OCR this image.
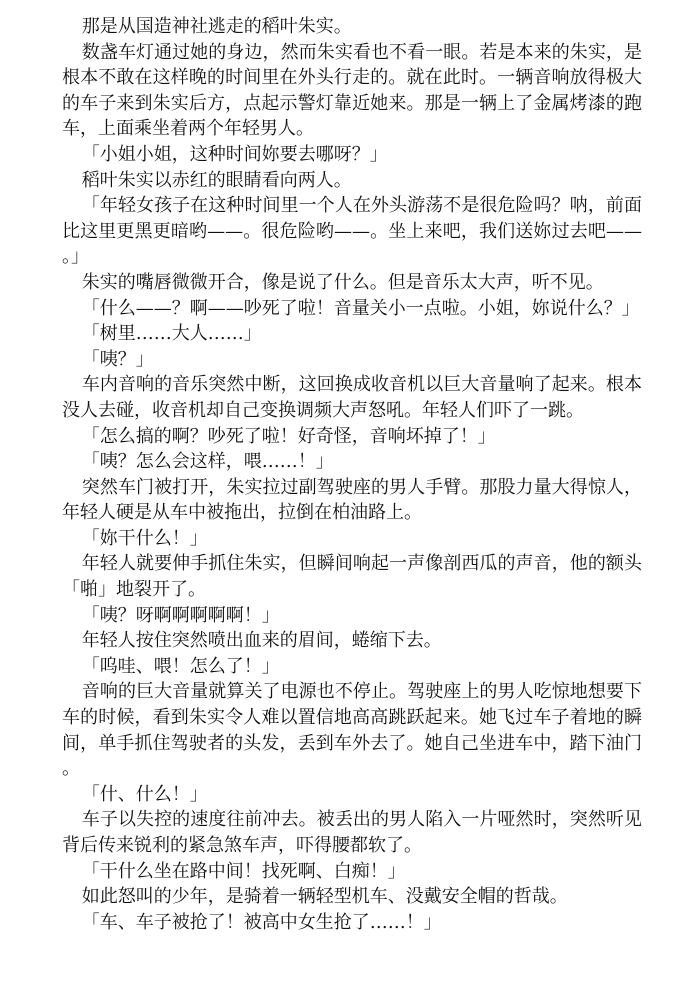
那是从国造神社逃走的稻叶朱实。

数盏车灯通过她的身边，然而朱实看也不看一眼。若是本来的朱实，是根本不敢在这样晚的时间里在外头行走的。就在此时。一辆音响放得极大的车子来到朱实后方，点起示警灯靠近她来。那是一辆上了金属烤漆的跑车，上面乘坐着两个年轻男人。

「小姐小姐，这种时间妳要去哪呀？」

稻叶朱实以赤红的眼睛看向两人。

「年轻女孩子在这种时间里一个人在外头游荡不是很危险吗？呐，前面比这里更黑更暗哟——。很危险哟——。坐上来吧，我们送妳过去吧——。」

朱实的嘴唇微微开合，像是说了什么。但是音乐太大声，听不见。

「什么——？啊——吵死了啦！音量关小一点啦。小姐，妳说什么？」

「树里……大人……」

「咦？」

车内音响的音乐突然中断，这回换成收音机以巨大音量响了起来。根本没人去碰，收音机却自己变换调频大声怒吼。年轻人们吓了一跳。

「怎么搞的啊？吵死了啦！好奇怪，音响坏掉了！」

「咦？怎么会这样，喂……！」

突然车门被打开，朱实拉过副驾驶座的男人手臂。那股力量大得惊人，年轻人硬是从车中被拖出，拉倒在柏油路上。

「妳干什么！」

年轻人就要伸手抓住朱实，但瞬间响起一声像剖西瓜的声音，他的额头「啪」地裂开了。

「咦？呀啊啊啊啊啊！」

年轻人按住突然喷出血来的眉间，蜷缩下去。

「呜哇、喂！怎么了！」

音响的巨大音量就算关了电源也不停止。驾驶座上的男人吃惊地想要下车的时候，看到朱实令人难以置信地高高跳跃起来。她飞过车子着地的瞬间，单手抓住驾驶者的头发，丢到车外去了。她自己坐进车中，踏下油门。

「什、什么！」

车子以失控的速度往前冲去。被丢出的男人陷入一片哑然时，突然听见背后传来锐利的紧急煞车声，吓得腰都软了。

「干什么坐在路中间！找死啊、白痴！」

如此怒叫的少年，是骑着一辆轻型机车、没戴安全帽的哲哉。

「车、车子被抢了！被高中女生抢了……！」
